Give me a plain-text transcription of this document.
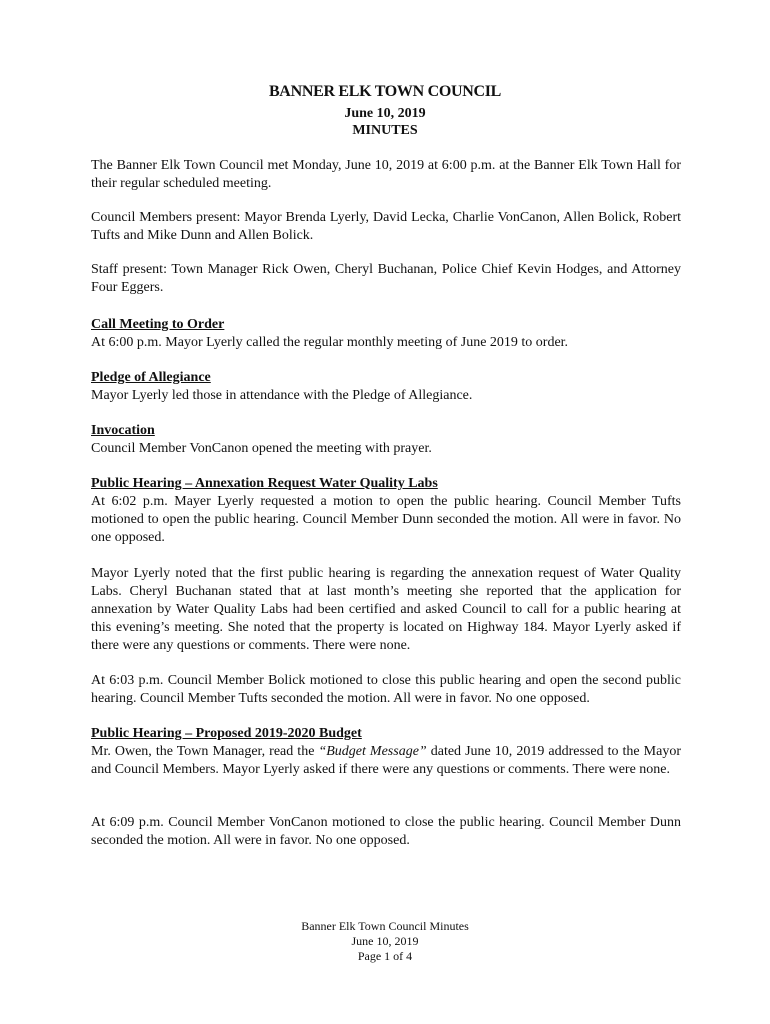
BANNER ELK TOWN COUNCIL
June 10, 2019
MINUTES

The Banner Elk Town Council met Monday, June 10, 2019 at 6:00 p.m. at the Banner Elk Town Hall for their regular scheduled meeting.

Council Members present: Mayor Brenda Lyerly, David Lecka, Charlie VonCanon, Allen Bolick, Robert Tufts and Mike Dunn and Allen Bolick.

Staff present: Town Manager Rick Owen, Cheryl Buchanan, Police Chief Kevin Hodges, and Attorney Four Eggers.

Call Meeting to Order
At 6:00 p.m. Mayor Lyerly called the regular monthly meeting of June 2019 to order.
Pledge of Allegiance
Mayor Lyerly led those in attendance with the Pledge of Allegiance.
Invocation
Council Member VonCanon opened the meeting with prayer.
Public Hearing – Annexation Request Water Quality Labs
At 6:02 p.m. Mayer Lyerly requested a motion to open the public hearing. Council Member Tufts motioned to open the public hearing. Council Member Dunn seconded the motion. All were in favor. No one opposed.

Mayor Lyerly noted that the first public hearing is regarding the annexation request of Water Quality Labs. Cheryl Buchanan stated that at last month’s meeting she reported that the application for annexation by Water Quality Labs had been certified and asked Council to call for a public hearing at this evening’s meeting. She noted that the property is located on Highway 184. Mayor Lyerly asked if there were any questions or comments. There were none.

At 6:03 p.m. Council Member Bolick motioned to close this public hearing and open the second public hearing. Council Member Tufts seconded the motion. All were in favor. No one opposed.

Public Hearing – Proposed 2019-2020 Budget
Mr. Owen, the Town Manager, read the “Budget Message” dated June 10, 2019 addressed to the Mayor and Council Members. Mayor Lyerly asked if there were any questions or comments. There were none.

At 6:09 p.m. Council Member VonCanon motioned to close the public hearing. Council Member Dunn seconded the motion. All were in favor. No one opposed.

Banner Elk Town Council Minutes
June 10, 2019
Page 1 of 4
